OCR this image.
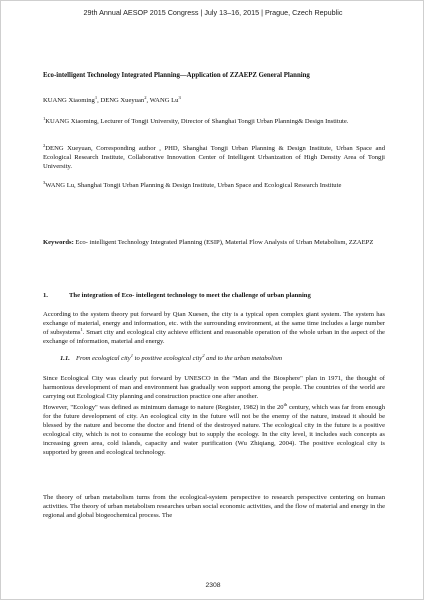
29th Annual AESOP 2015 Congress | July 13–16, 2015 | Prague, Czech Republic
Eco-intelligent Technology Integrated Planning—Application of ZZAEPZ General Planning
KUANG Xiaoming$^1$, DENG Xueyuan$^2$, WANG Lu$^3$
$^1$KUANG Xiaoming, Lecturer of Tongji University, Director of Shanghai Tongji Urban Planning& Design Institute.
$^2$DENG Xueyuan, Corresponding author , PHD, Shanghai Tongji Urban Planning & Design Institute, Urban Space and Ecological Research Institute, Collaborative Innovation Center of Intelligent Urbanization of High Density Area of Tongji University.
$^3$WANG Lu, Shanghai Tongji Urban Planning & Design Institute, Urban Space and Ecological Research Institute
Keywords: Eco- intelligent Technology Integrated Planning (ESIP), Material Flow Analysis of Urban Metabolism, ZZAEPZ
1.	The integration of Eco- intellegent technology to meet the challenge of urban planning
According to the system theory put forward by Qian Xuesen, the city is a typical open complex giant system. The system has exchange of material, energy and information, etc. with the surrounding environment, at the same time includes a large number of subsystems$^1$. Smart city and ecological city achieve efficient and reasonable operation of the whole urban in the aspect of the exchange of information, material and energy.
1.1. From ecological city$^1$ to positive ecological city$^2$ and to the urban metabolism
Since Ecological City was clearly put forward by UNESCO in the "Man and the Biosphere" plan in 1971, the thought of harmonious development of man and environment has gradually won support among the people. The countries of the world are carrying out Ecological City planning and construction practice one after another.
However, "Ecology" was defined as minimum damage to nature (Register, 1982) in the 20th century, which was far from enough for the future development of city. An ecological city in the future will not be the enemy of the nature, instead it should be blessed by the nature and become the doctor and friend of the destroyed nature. The ecological city in the future is a positive ecological city, which is not to consume the ecology but to supply the ecology. In the city level, it includes such concepts as increasing green area, cold islands, capacity and water purification (Wu Zhiqiang, 2004). The positive ecological city is supported by green and ecological technology.
The theory of urban metabolism turns from the ecological-system perspective to research perspective centering on human activities. The theory of urban metabolism researches urban social economic activities, and the flow of material and energy in the regional and global biogeochemical process. The
2308
